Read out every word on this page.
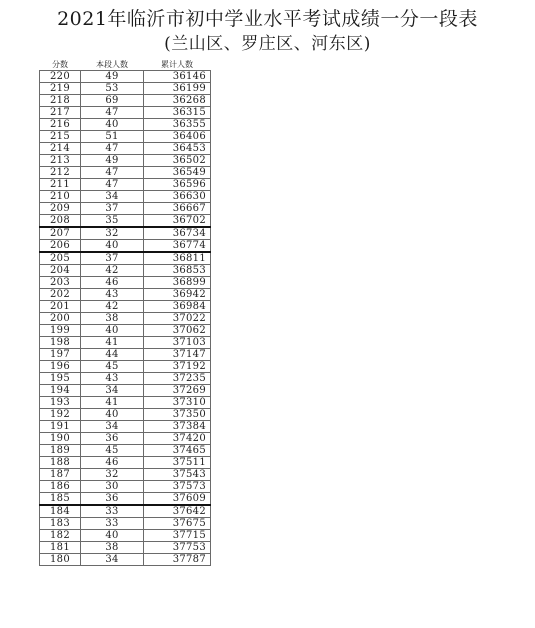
2021年临沂市初中学业水平考试成绩一分一段表
(兰山区、罗庄区、河东区)
分数	本段人数	累计人数
220	49	36146
219	53	36199
218	69	36268
217	47	36315
216	40	36355
215	51	36406
214	47	36453
213	49	36502
212	47	36549
211	47	36596
210	34	36630
209	37	36667
208	35	36702
207	32	36734
206	40	36774
205	37	36811
204	42	36853
203	46	36899
202	43	36942
201	42	36984
200	38	37022
199	40	37062
198	41	37103
197	44	37147
196	45	37192
195	43	37235
194	34	37269
193	41	37310
192	40	37350
191	34	37384
190	36	37420
189	45	37465
188	46	37511
187	32	37543
186	30	37573
185	36	37609
184	33	37642
183	33	37675
182	40	37715
181	38	37753
180	34	37787
